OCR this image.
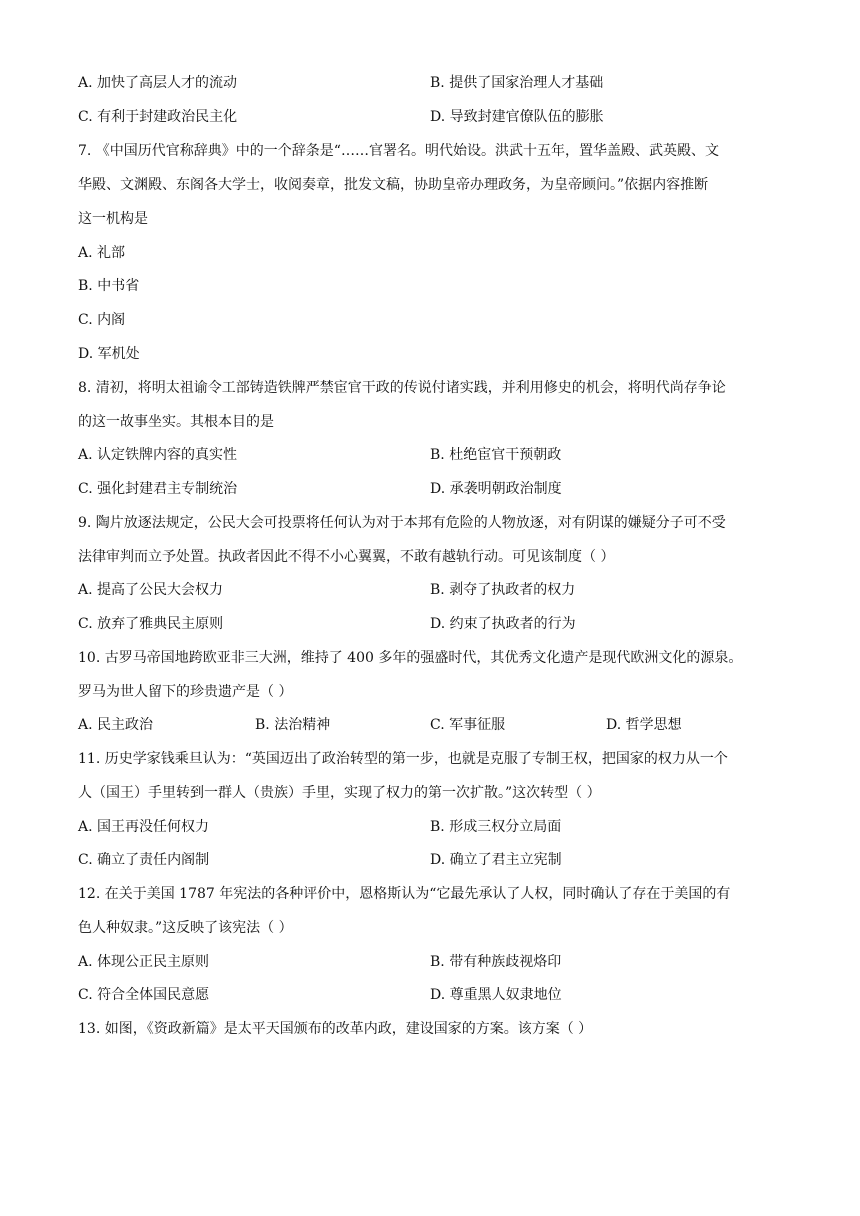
A. 加快了高层人才的流动	B. 提供了国家治理人才基础
C. 有利于封建政治民主化	D. 导致封建官僚队伍的膨胀
7. 《中国历代官称辞典》中的一个辞条是“……官署名。明代始设。洪武十五年，置华盖殿、武英殿、文
华殿、文渊殿、东阁各大学士，收阅奏章，批发文稿，协助皇帝办理政务，为皇帝顾问。”依据内容推断
这一机构是
A. 礼部
B. 中书省
C. 内阁
D. 军机处
8. 清初，将明太祖谕令工部铸造铁牌严禁宦官干政的传说付诸实践，并利用修史的机会，将明代尚存争论
的这一故事坐实。其根本目的是
A. 认定铁牌内容的真实性	B. 杜绝宦官干预朝政
C. 强化封建君主专制统治	D. 承袭明朝政治制度
9. 陶片放逐法规定，公民大会可投票将任何认为对于本邦有危险的人物放逐，对有阴谋的嫌疑分子可不受
法律审判而立予处置。执政者因此不得不小心翼翼，不敢有越轨行动。可见该制度（ ）
A. 提高了公民大会权力	B. 剥夺了执政者的权力
C. 放弃了雅典民主原则	D. 约束了执政者的行为
10. 古罗马帝国地跨欧亚非三大洲，维持了 400 多年的强盛时代，其优秀文化遗产是现代欧洲文化的源泉。
罗马为世人留下的珍贵遗产是（ ）
A. 民主政治	B. 法治精神	C. 军事征服	D. 哲学思想
11. 历史学家钱乘旦认为：“英国迈出了政治转型的第一步，也就是克服了专制王权，把国家的权力从一个
人（国王）手里转到一群人（贵族）手里，实现了权力的第一次扩散。”这次转型（ ）
A. 国王再没任何权力	B. 形成三权分立局面
C. 确立了责任内阁制	D. 确立了君主立宪制
12. 在关于美国 1787 年宪法的各种评价中，恩格斯认为“它最先承认了人权，同时确认了存在于美国的有
色人种奴隶。”这反映了该宪法（ ）
A. 体现公正民主原则	B. 带有种族歧视烙印
C. 符合全体国民意愿	D. 尊重黑人奴隶地位
13. 如图，《资政新篇》是太平天国颁布的改革内政，建设国家的方案。该方案（ ）
